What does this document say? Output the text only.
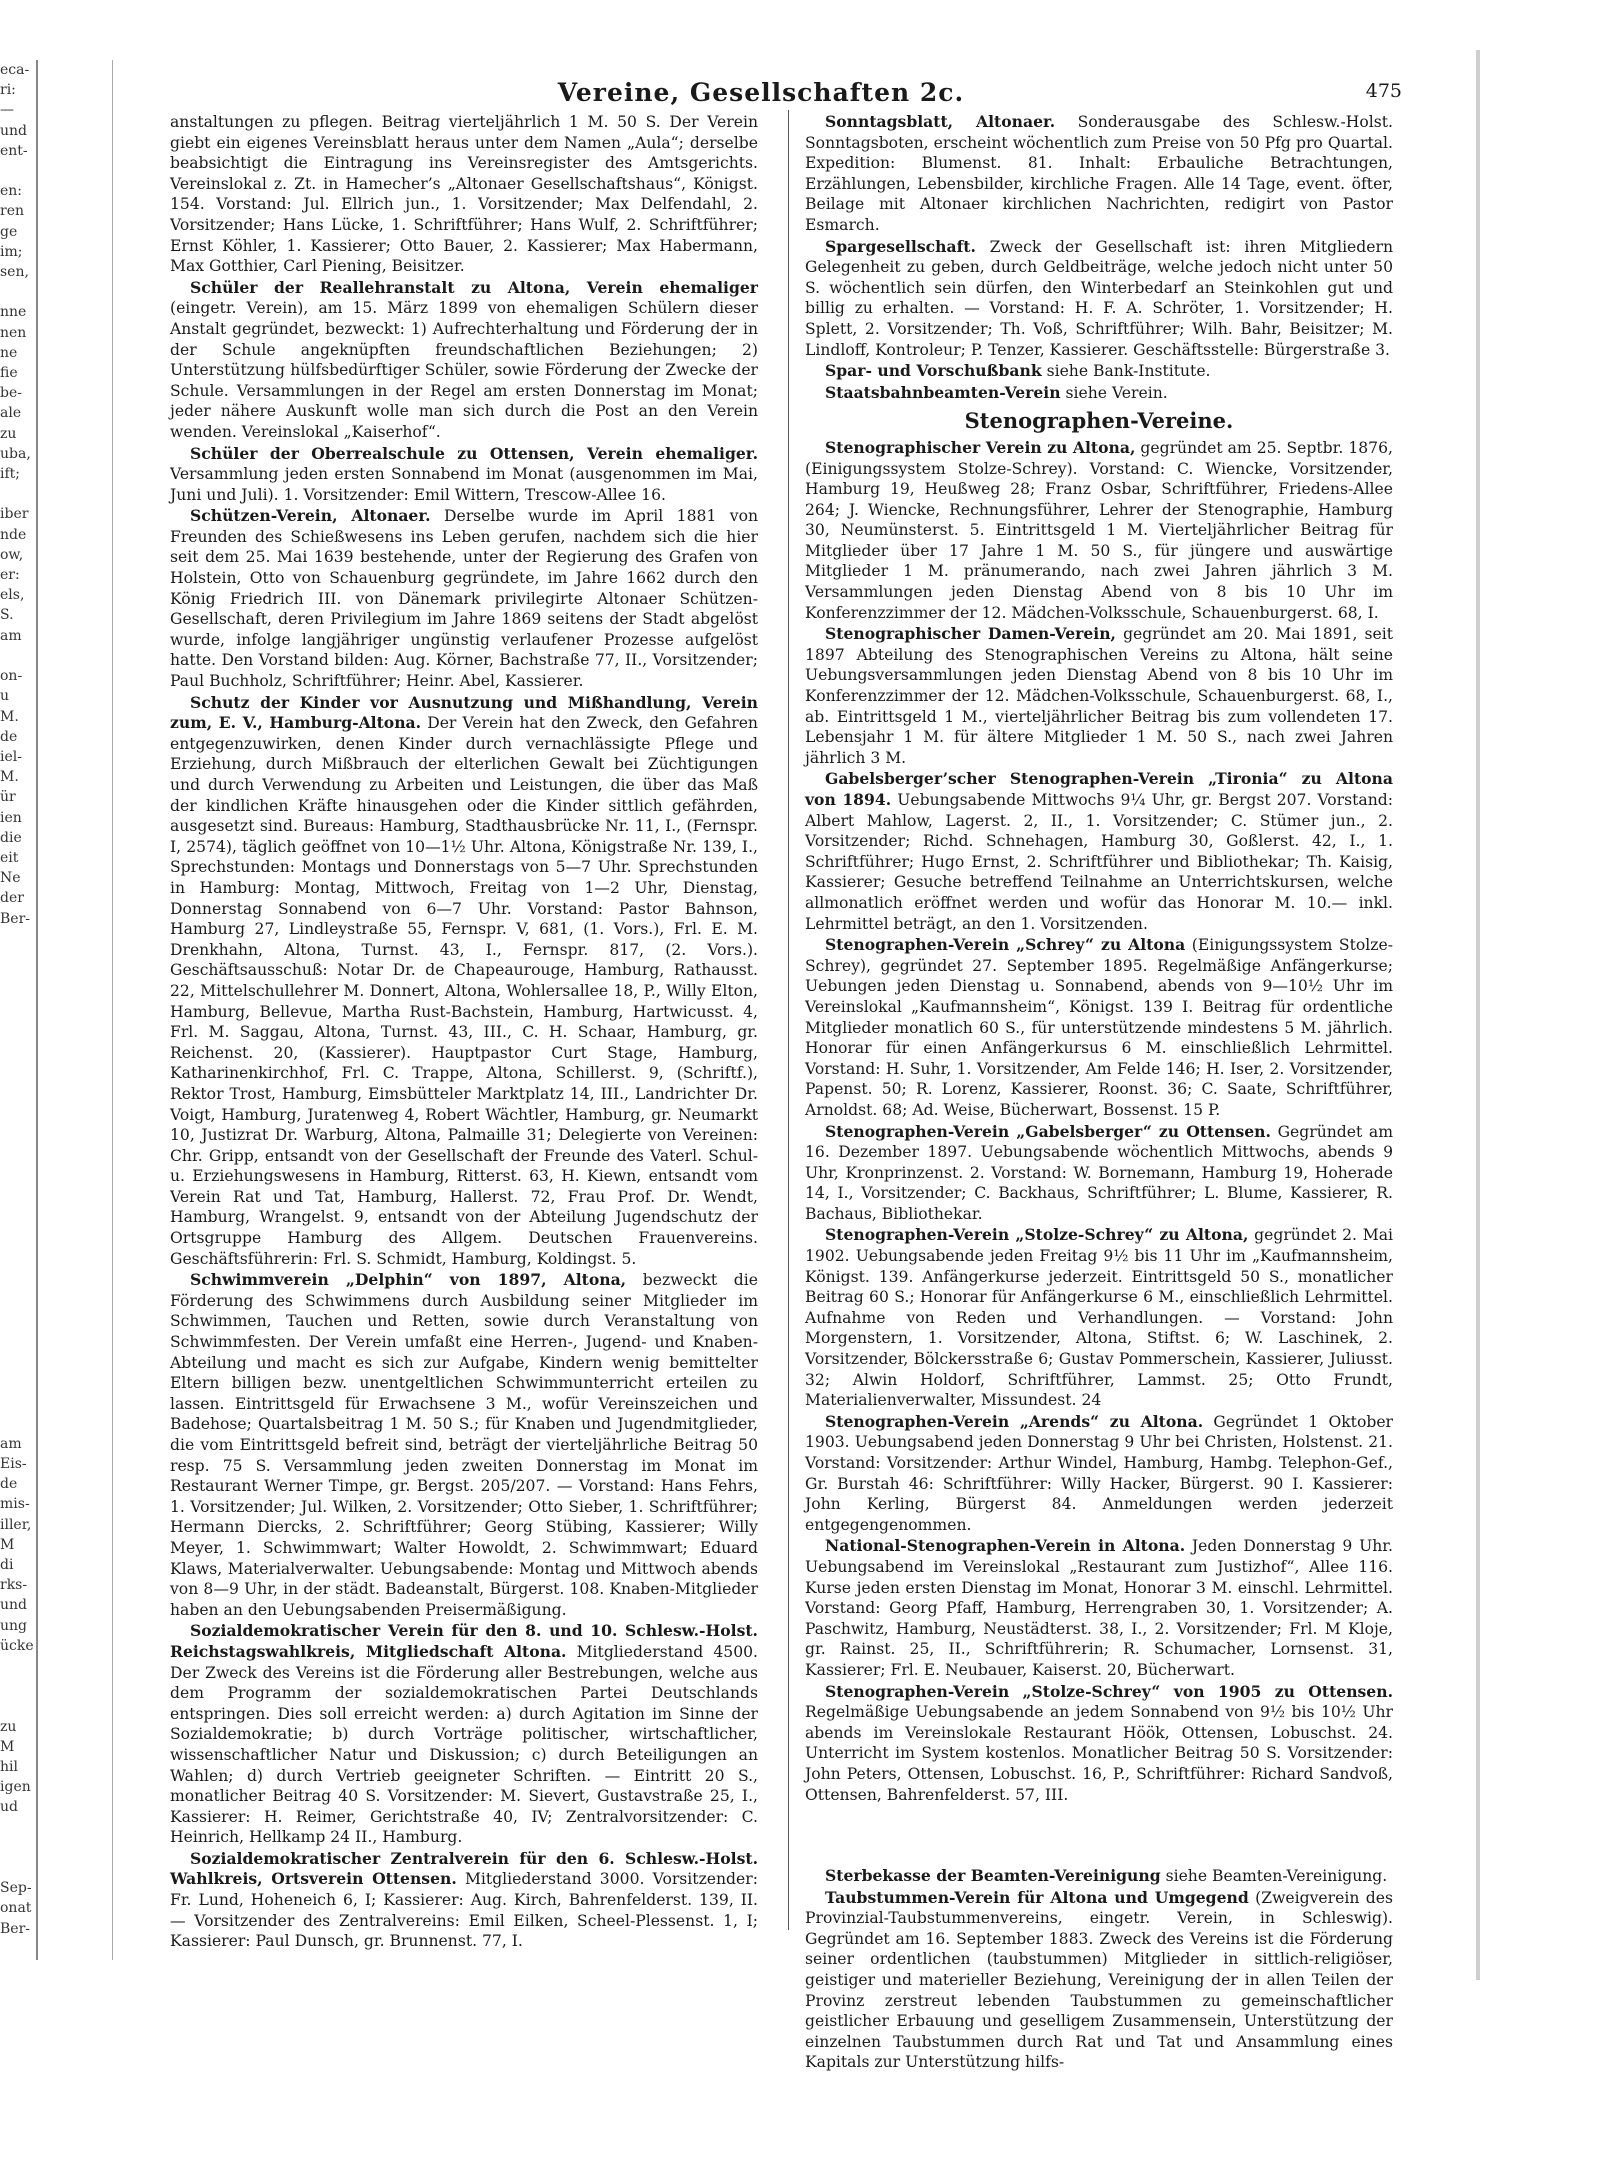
eca-
ri:
—
und
ent-

en:
ren
ge
im;
sen,

nne
nen
ne
fie
be-
ale
zu
uba,
ift;

iber
nde
ow,
er:
els,
S.
am

on-
u
M.
de
iel-
M.
ür
ien
die
eit
Ne
der
Ber-

am
Eis-
de
mis-
iller,
M
di
rks-
und
ung
ücke

zu
M
hil
igen
ud

Sep-
onat
Ber-
Vereine, Gesellschaften 2c.	475

anstaltungen zu pflegen. Beitrag vierteljährlich 1 M. 50 S. Der Verein giebt ein eigenes Vereinsblatt heraus unter dem Namen „Aula“; derselbe beabsichtigt die Eintragung ins Vereinsregister des Amtsgerichts. Vereinslokal z. Zt. in Hamecher’s „Altonaer Gesellschaftshaus“, Königst. 154. Vorstand: Jul. Ellrich jun., 1. Vorsitzender; Max Delfendahl, 2. Vorsitzender; Hans Lücke, 1. Schriftführer; Hans Wulf, 2. Schriftführer; Ernst Köhler, 1. Kassierer; Otto Bauer, 2. Kassierer; Max Habermann, Max Gotthier, Carl Piening, Beisitzer.

Schüler der Reallehranstalt zu Altona, Verein ehemaliger (eingetr. Verein), am 15. März 1899 von ehemaligen Schülern dieser Anstalt gegründet, bezweckt: 1) Aufrechterhaltung und Förderung der in der Schule angeknüpften freundschaftlichen Beziehungen; 2) Unterstützung hülfsbedürftiger Schüler, sowie Förderung der Zwecke der Schule. Versammlungen in der Regel am ersten Donnerstag im Monat; jeder nähere Auskunft wolle man sich durch die Post an den Verein wenden. Vereinslokal „Kaiserhof“.

Schüler der Oberrealschule zu Ottensen, Verein ehemaliger. Versammlung jeden ersten Sonnabend im Monat (ausgenommen im Mai, Juni und Juli). 1. Vorsitzender: Emil Wittern, Trescow-Allee 16.

Schützen-Verein, Altonaer. Derselbe wurde im April 1881 von Freunden des Schießwesens ins Leben gerufen, nachdem sich die hier seit dem 25. Mai 1639 bestehende, unter der Regierung des Grafen von Holstein, Otto von Schauenburg gegründete, im Jahre 1662 durch den König Friedrich III. von Dänemark privilegirte Altonaer Schützen-Gesellschaft, deren Privilegium im Jahre 1869 seitens der Stadt abgelöst wurde, infolge langjähriger ungünstig verlaufener Prozesse aufgelöst hatte. Den Vorstand bilden: Aug. Körner, Bachstraße 77, II., Vorsitzender; Paul Buchholz, Schriftführer; Heinr. Abel, Kassierer.

Schutz der Kinder vor Ausnutzung und Mißhandlung, Verein zum, E. V., Hamburg-Altona. Der Verein hat den Zweck, den Gefahren entgegenzuwirken, denen Kinder durch vernachlässigte Pflege und Erziehung, durch Mißbrauch der elterlichen Gewalt bei Züchtigungen und durch Verwendung zu Arbeiten und Leistungen, die über das Maß der kindlichen Kräfte hinausgehen oder die Kinder sittlich gefährden, ausgesetzt sind. Bureaus: Hamburg, Stadthausbrücke Nr. 11, I., (Fernspr. I, 2574), täglich geöffnet von 10—1½ Uhr. Altona, Königstraße Nr. 139, I., Sprechstunden: Montags und Donnerstags von 5—7 Uhr. Sprechstunden in Hamburg: Montag, Mittwoch, Freitag von 1—2 Uhr, Dienstag, Donnerstag Sonnabend von 6—7 Uhr. Vorstand: Pastor Bahnson, Hamburg 27, Lindleystraße 55, Fernspr. V, 681, (1. Vors.), Frl. E. M. Drenkhahn, Altona, Turnst. 43, I., Fernspr. 817, (2. Vors.). Geschäftsausschuß: Notar Dr. de Chapeaurouge, Hamburg, Rathausst. 22, Mittelschullehrer M. Donnert, Altona, Wohlersallee 18, P., Willy Elton, Hamburg, Bellevue, Martha Rust-Bachstein, Hamburg, Hartwicusst. 4, Frl. M. Saggau, Altona, Turnst. 43, III., C. H. Schaar, Hamburg, gr. Reichenst. 20, (Kassierer). Hauptpastor Curt Stage, Hamburg, Katharinenkirchhof, Frl. C. Trappe, Altona, Schillerst. 9, (Schriftf.), Rektor Trost, Hamburg, Eimsbütteler Marktplatz 14, III., Landrichter Dr. Voigt, Hamburg, Juratenweg 4, Robert Wächtler, Hamburg, gr. Neumarkt 10, Justizrat Dr. Warburg, Altona, Palmaille 31; Delegierte von Vereinen: Chr. Gripp, entsandt von der Gesellschaft der Freunde des Vaterl. Schul- u. Erziehungswesens in Hamburg, Ritterst. 63, H. Kiewn, entsandt vom Verein Rat und Tat, Hamburg, Hallerst. 72, Frau Prof. Dr. Wendt, Hamburg, Wrangelst. 9, entsandt von der Abteilung Jugendschutz der Ortsgruppe Hamburg des Allgem. Deutschen Frauenvereins. Geschäftsführerin: Frl. S. Schmidt, Hamburg, Koldingst. 5.

Schwimmverein „Delphin“ von 1897, Altona, bezweckt die Förderung des Schwimmens durch Ausbildung seiner Mitglieder im Schwimmen, Tauchen und Retten, sowie durch Veranstaltung von Schwimmfesten. Der Verein umfaßt eine Herren-, Jugend- und Knaben-Abteilung und macht es sich zur Aufgabe, Kindern wenig bemittelter Eltern billigen bezw. unentgeltlichen Schwimmunterricht erteilen zu lassen. Eintrittsgeld für Erwachsene 3 M., wofür Vereinszeichen und Badehose; Quartalsbeitrag 1 M. 50 S.; für Knaben und Jugendmitglieder, die vom Eintrittsgeld befreit sind, beträgt der vierteljährliche Beitrag 50 resp. 75 S. Versammlung jeden zweiten Donnerstag im Monat im Restaurant Werner Timpe, gr. Bergst. 205/207. — Vorstand: Hans Fehrs, 1. Vorsitzender; Jul. Wilken, 2. Vorsitzender; Otto Sieber, 1. Schriftführer; Hermann Diercks, 2. Schriftführer; Georg Stübing, Kassierer; Willy Meyer, 1. Schwimmwart; Walter Howoldt, 2. Schwimmwart; Eduard Klaws, Materialverwalter. Uebungsabende: Montag und Mittwoch abends von 8—9 Uhr, in der städt. Badeanstalt, Bürgerst. 108. Knaben-Mitglieder haben an den Uebungsabenden Preisermäßigung.

Sozialdemokratischer Verein für den 8. und 10. Schlesw.-Holst. Reichstagswahlkreis, Mitgliedschaft Altona. Mitgliederstand 4500. Der Zweck des Vereins ist die Förderung aller Bestrebungen, welche aus dem Programm der sozialdemokratischen Partei Deutschlands entspringen. Dies soll erreicht werden: a) durch Agitation im Sinne der Sozialdemokratie; b) durch Vorträge politischer, wirtschaftlicher, wissenschaftlicher Natur und Diskussion; c) durch Beteiligungen an Wahlen; d) durch Vertrieb geeigneter Schriften. — Eintritt 20 S., monatlicher Beitrag 40 S. Vorsitzender: M. Sievert, Gustavstraße 25, I., Kassierer: H. Reimer, Gerichtstraße 40, IV; Zentralvorsitzender: C. Heinrich, Hellkamp 24 II., Hamburg.

Sozialdemokratischer Zentralverein für den 6. Schlesw.-Holst. Wahlkreis, Ortsverein Ottensen. Mitgliederstand 3000. Vorsitzender: Fr. Lund, Hoheneich 6, I; Kassierer: Aug. Kirch, Bahrenfelderst. 139, II. — Vorsitzender des Zentralvereins: Emil Eilken, Scheel-Plessenst. 1, I; Kassierer: Paul Dunsch, gr. Brunnenst. 77, I.

Sonntagsblatt, Altonaer. Sonderausgabe des Schlesw.-Holst. Sonntagsboten, erscheint wöchentlich zum Preise von 50 Pfg pro Quartal. Expedition: Blumenst. 81. Inhalt: Erbauliche Betrachtungen, Erzählungen, Lebensbilder, kirchliche Fragen. Alle 14 Tage, event. öfter, Beilage mit Altonaer kirchlichen Nachrichten, redigirt von Pastor Esmarch.

Spargesellschaft. Zweck der Gesellschaft ist: ihren Mitgliedern Gelegenheit zu geben, durch Geldbeiträge, welche jedoch nicht unter 50 S. wöchentlich sein dürfen, den Winterbedarf an Steinkohlen gut und billig zu erhalten. — Vorstand: H. F. A. Schröter, 1. Vorsitzender; H. Splett, 2. Vorsitzender; Th. Voß, Schriftführer; Wilh. Bahr, Beisitzer; M. Lindloff, Kontroleur; P. Tenzer, Kassierer. Geschäftsstelle: Bürgerstraße 3.

Spar- und Vorschußbank siehe Bank-Institute.

Staatsbahnbeamten-Verein siehe Verein.

Stenographen-Vereine.

Stenographischer Verein zu Altona, gegründet am 25. Septbr. 1876, (Einigungssystem Stolze-Schrey). Vorstand: C. Wiencke, Vorsitzender, Hamburg 19, Heußweg 28; Franz Osbar, Schriftführer, Friedens-Allee 264; J. Wiencke, Rechnungsführer, Lehrer der Stenographie, Hamburg 30, Neumünsterst. 5. Eintrittsgeld 1 M. Vierteljährlicher Beitrag für Mitglieder über 17 Jahre 1 M. 50 S., für jüngere und auswärtige Mitglieder 1 M. pränumerando, nach zwei Jahren jährlich 3 M. Versammlungen jeden Dienstag Abend von 8 bis 10 Uhr im Konferenzzimmer der 12. Mädchen-Volksschule, Schauenburgerst. 68, I.

Stenographischer Damen-Verein, gegründet am 20. Mai 1891, seit 1897 Abteilung des Stenographischen Vereins zu Altona, hält seine Uebungsversammlungen jeden Dienstag Abend von 8 bis 10 Uhr im Konferenzzimmer der 12. Mädchen-Volksschule, Schauenburgerst. 68, I., ab. Eintrittsgeld 1 M., vierteljährlicher Beitrag bis zum vollendeten 17. Lebensjahr 1 M. für ältere Mitglieder 1 M. 50 S., nach zwei Jahren jährlich 3 M.

Gabelsberger’scher Stenographen-Verein „Tironia“ zu Altona von 1894. Uebungsabende Mittwochs 9¼ Uhr, gr. Bergst 207. Vorstand: Albert Mahlow, Lagerst. 2, II., 1. Vorsitzender; C. Stümer jun., 2. Vorsitzender; Richd. Schnehagen, Hamburg 30, Goßlerst. 42, I., 1. Schriftführer; Hugo Ernst, 2. Schriftführer und Bibliothekar; Th. Kaisig, Kassierer; Gesuche betreffend Teilnahme an Unterrichtskursen, welche allmonatlich eröffnet werden und wofür das Honorar M. 10.— inkl. Lehrmittel beträgt, an den 1. Vorsitzenden.

Stenographen-Verein „Schrey“ zu Altona (Einigungssystem Stolze-Schrey), gegründet 27. September 1895. Regelmäßige Anfängerkurse; Uebungen jeden Dienstag u. Sonnabend, abends von 9—10½ Uhr im Vereinslokal „Kaufmannsheim“, Königst. 139 I. Beitrag für ordentliche Mitglieder monatlich 60 S., für unterstützende mindestens 5 M. jährlich. Honorar für einen Anfängerkursus 6 M. einschließlich Lehrmittel. Vorstand: H. Suhr, 1. Vorsitzender, Am Felde 146; H. Iser, 2. Vorsitzender, Papenst. 50; R. Lorenz, Kassierer, Roonst. 36; C. Saate, Schriftführer, Arnoldst. 68; Ad. Weise, Bücherwart, Bossenst. 15 P.

Stenographen-Verein „Gabelsberger“ zu Ottensen. Gegründet am 16. Dezember 1897. Uebungsabende wöchentlich Mittwochs, abends 9 Uhr, Kronprinzenst. 2. Vorstand: W. Bornemann, Hamburg 19, Hoherade 14, I., Vorsitzender; C. Backhaus, Schriftführer; L. Blume, Kassierer, R. Bachaus, Bibliothekar.

Stenographen-Verein „Stolze-Schrey“ zu Altona, gegründet 2. Mai 1902. Uebungsabende jeden Freitag 9½ bis 11 Uhr im „Kaufmannsheim, Königst. 139. Anfängerkurse jederzeit. Eintrittsgeld 50 S., monatlicher Beitrag 60 S.; Honorar für Anfängerkurse 6 M., einschließlich Lehrmittel. Aufnahme von Reden und Verhandlungen. — Vorstand: John Morgenstern, 1. Vorsitzender, Altona, Stiftst. 6; W. Laschinek, 2. Vorsitzender, Bölckersstraße 6; Gustav Pommerschein, Kassierer, Juliusst. 32; Alwin Holdorf, Schriftführer, Lammst. 25; Otto Frundt, Materialienverwalter, Missundest. 24

Stenographen-Verein „Arends“ zu Altona. Gegründet 1 Oktober 1903. Uebungsabend jeden Donnerstag 9 Uhr bei Christen, Holstenst. 21. Vorstand: Vorsitzender: Arthur Windel, Hamburg, Hambg. Telephon-Gef., Gr. Burstah 46: Schriftführer: Willy Hacker, Bürgerst. 90 I. Kassierer: John Kerling, Bürgerst 84. Anmeldungen werden jederzeit entgegengenommen.

National-Stenographen-Verein in Altona. Jeden Donnerstag 9 Uhr. Uebungsabend im Vereinslokal „Restaurant zum Justizhof“, Allee 116. Kurse jeden ersten Dienstag im Monat, Honorar 3 M. einschl. Lehrmittel. Vorstand: Georg Pfaff, Hamburg, Herrengraben 30, 1. Vorsitzender; A. Paschwitz, Hamburg, Neustädterst. 38, I., 2. Vorsitzender; Frl. M Kloje, gr. Rainst. 25, II., Schriftführerin; R. Schumacher, Lornsenst. 31, Kassierer; Frl. E. Neubauer, Kaiserst. 20, Bücherwart.

Stenographen-Verein „Stolze-Schrey“ von 1905 zu Ottensen. Regelmäßige Uebungsabende an jedem Sonnabend von 9½ bis 10½ Uhr abends im Vereinslokale Restaurant Höök, Ottensen, Lobuschst. 24. Unterricht im System kostenlos. Monatlicher Beitrag 50 S. Vorsitzender: John Peters, Ottensen, Lobuschst. 16, P., Schriftführer: Richard Sandvoß, Ottensen, Bahrenfelderst. 57, III.

Sterbekasse der Beamten-Vereinigung siehe Beamten-Vereinigung.

Taubstummen-Verein für Altona und Umgegend (Zweigverein des Provinzial-Taubstummenvereins, eingetr. Verein, in Schleswig). Gegründet am 16. September 1883. Zweck des Vereins ist die Förderung seiner ordentlichen (taubstummen) Mitglieder in sittlich-religiöser, geistiger und materieller Beziehung, Vereinigung der in allen Teilen der Provinz zerstreut lebenden Taubstummen zu gemeinschaftlicher geistlicher Erbauung und geselligem Zusammensein, Unterstützung der einzelnen Taubstummen durch Rat und Tat und Ansammlung eines Kapitals zur Unterstützung hilfs-
